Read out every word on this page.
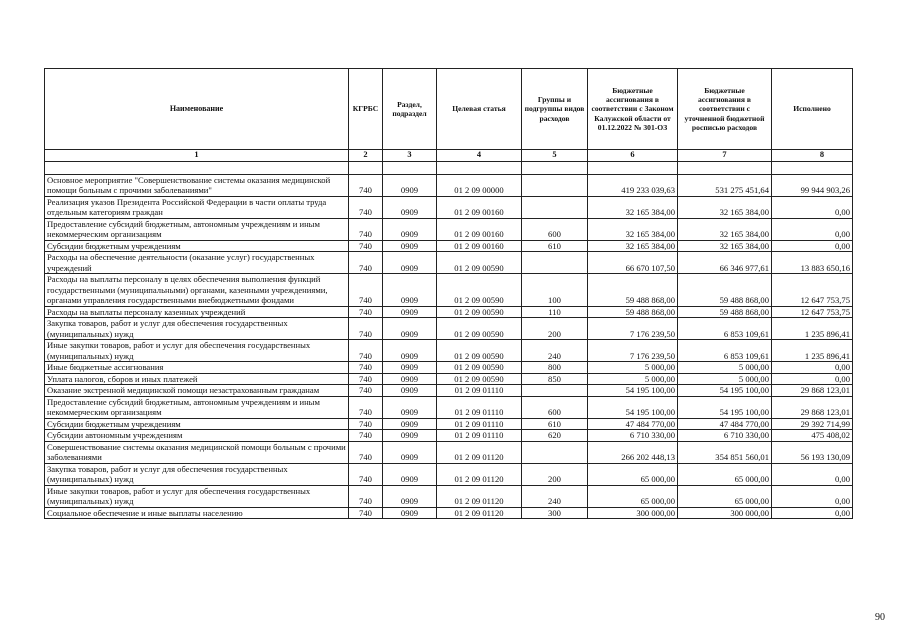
Наименование	КГРБС	Раздел, подраздел	Целевая статья	Группы и подгруппы видов расходов	Бюджетные ассигнования в соответствии с Законом Калужской области от 01.12.2022 № 301-ОЗ	Бюджетные ассигнования в соответствии с уточненной бюджетной росписью расходов	Исполнено
1	2	3	4	5	6	7	8

Основное мероприятие "Совершенствование системы оказания медицинской помощи больным с прочими заболеваниями"	740	0909	01 2 09 00000		419 233 039,63	531 275 451,64	99 944 903,26
Реализация указов Президента Российской Федерации в части оплаты труда отдельным категориям граждан	740	0909	01 2 09 00160		32 165 384,00	32 165 384,00	0,00
Предоставление субсидий бюджетным, автономным учреждениям и иным некоммерческим организациям	740	0909	01 2 09 00160	600	32 165 384,00	32 165 384,00	0,00
Субсидии бюджетным учреждениям	740	0909	01 2 09 00160	610	32 165 384,00	32 165 384,00	0,00
Расходы на обеспечение деятельности (оказание услуг) государственных учреждений	740	0909	01 2 09 00590		66 670 107,50	66 346 977,61	13 883 650,16
Расходы на выплаты персоналу в целях обеспечения выполнения функций государственными (муниципальными) органами, казенными учреждениями, органами управления государственными внебюджетными фондами	740	0909	01 2 09 00590	100	59 488 868,00	59 488 868,00	12 647 753,75
Расходы на выплаты персоналу казенных учреждений	740	0909	01 2 09 00590	110	59 488 868,00	59 488 868,00	12 647 753,75
Закупка товаров, работ и услуг для обеспечения государственных (муниципальных) нужд	740	0909	01 2 09 00590	200	7 176 239,50	6 853 109,61	1 235 896,41
Иные закупки товаров, работ и услуг для обеспечения государственных (муниципальных) нужд	740	0909	01 2 09 00590	240	7 176 239,50	6 853 109,61	1 235 896,41
Иные бюджетные ассигнования	740	0909	01 2 09 00590	800	5 000,00	5 000,00	0,00
Уплата налогов, сборов и иных платежей	740	0909	01 2 09 00590	850	5 000,00	5 000,00	0,00
Оказание экстренной медицинской помощи незастрахованным гражданам	740	0909	01 2 09 01110		54 195 100,00	54 195 100,00	29 868 123,01
Предоставление субсидий бюджетным, автономным учреждениям и иным некоммерческим организациям	740	0909	01 2 09 01110	600	54 195 100,00	54 195 100,00	29 868 123,01
Субсидии бюджетным учреждениям	740	0909	01 2 09 01110	610	47 484 770,00	47 484 770,00	29 392 714,99
Субсидии автономным учреждениям	740	0909	01 2 09 01110	620	6 710 330,00	6 710 330,00	475 408,02
Совершенствование системы оказания медицинской помощи больным с прочими заболеваниями	740	0909	01 2 09 01120		266 202 448,13	354 851 560,01	56 193 130,09
Закупка товаров, работ и услуг для обеспечения государственных (муниципальных) нужд	740	0909	01 2 09 01120	200	65 000,00	65 000,00	0,00
Иные закупки товаров, работ и услуг для обеспечения государственных (муниципальных) нужд	740	0909	01 2 09 01120	240	65 000,00	65 000,00	0,00
Социальное обеспечение и иные выплаты населению	740	0909	01 2 09 01120	300	300 000,00	300 000,00	0,00
90
